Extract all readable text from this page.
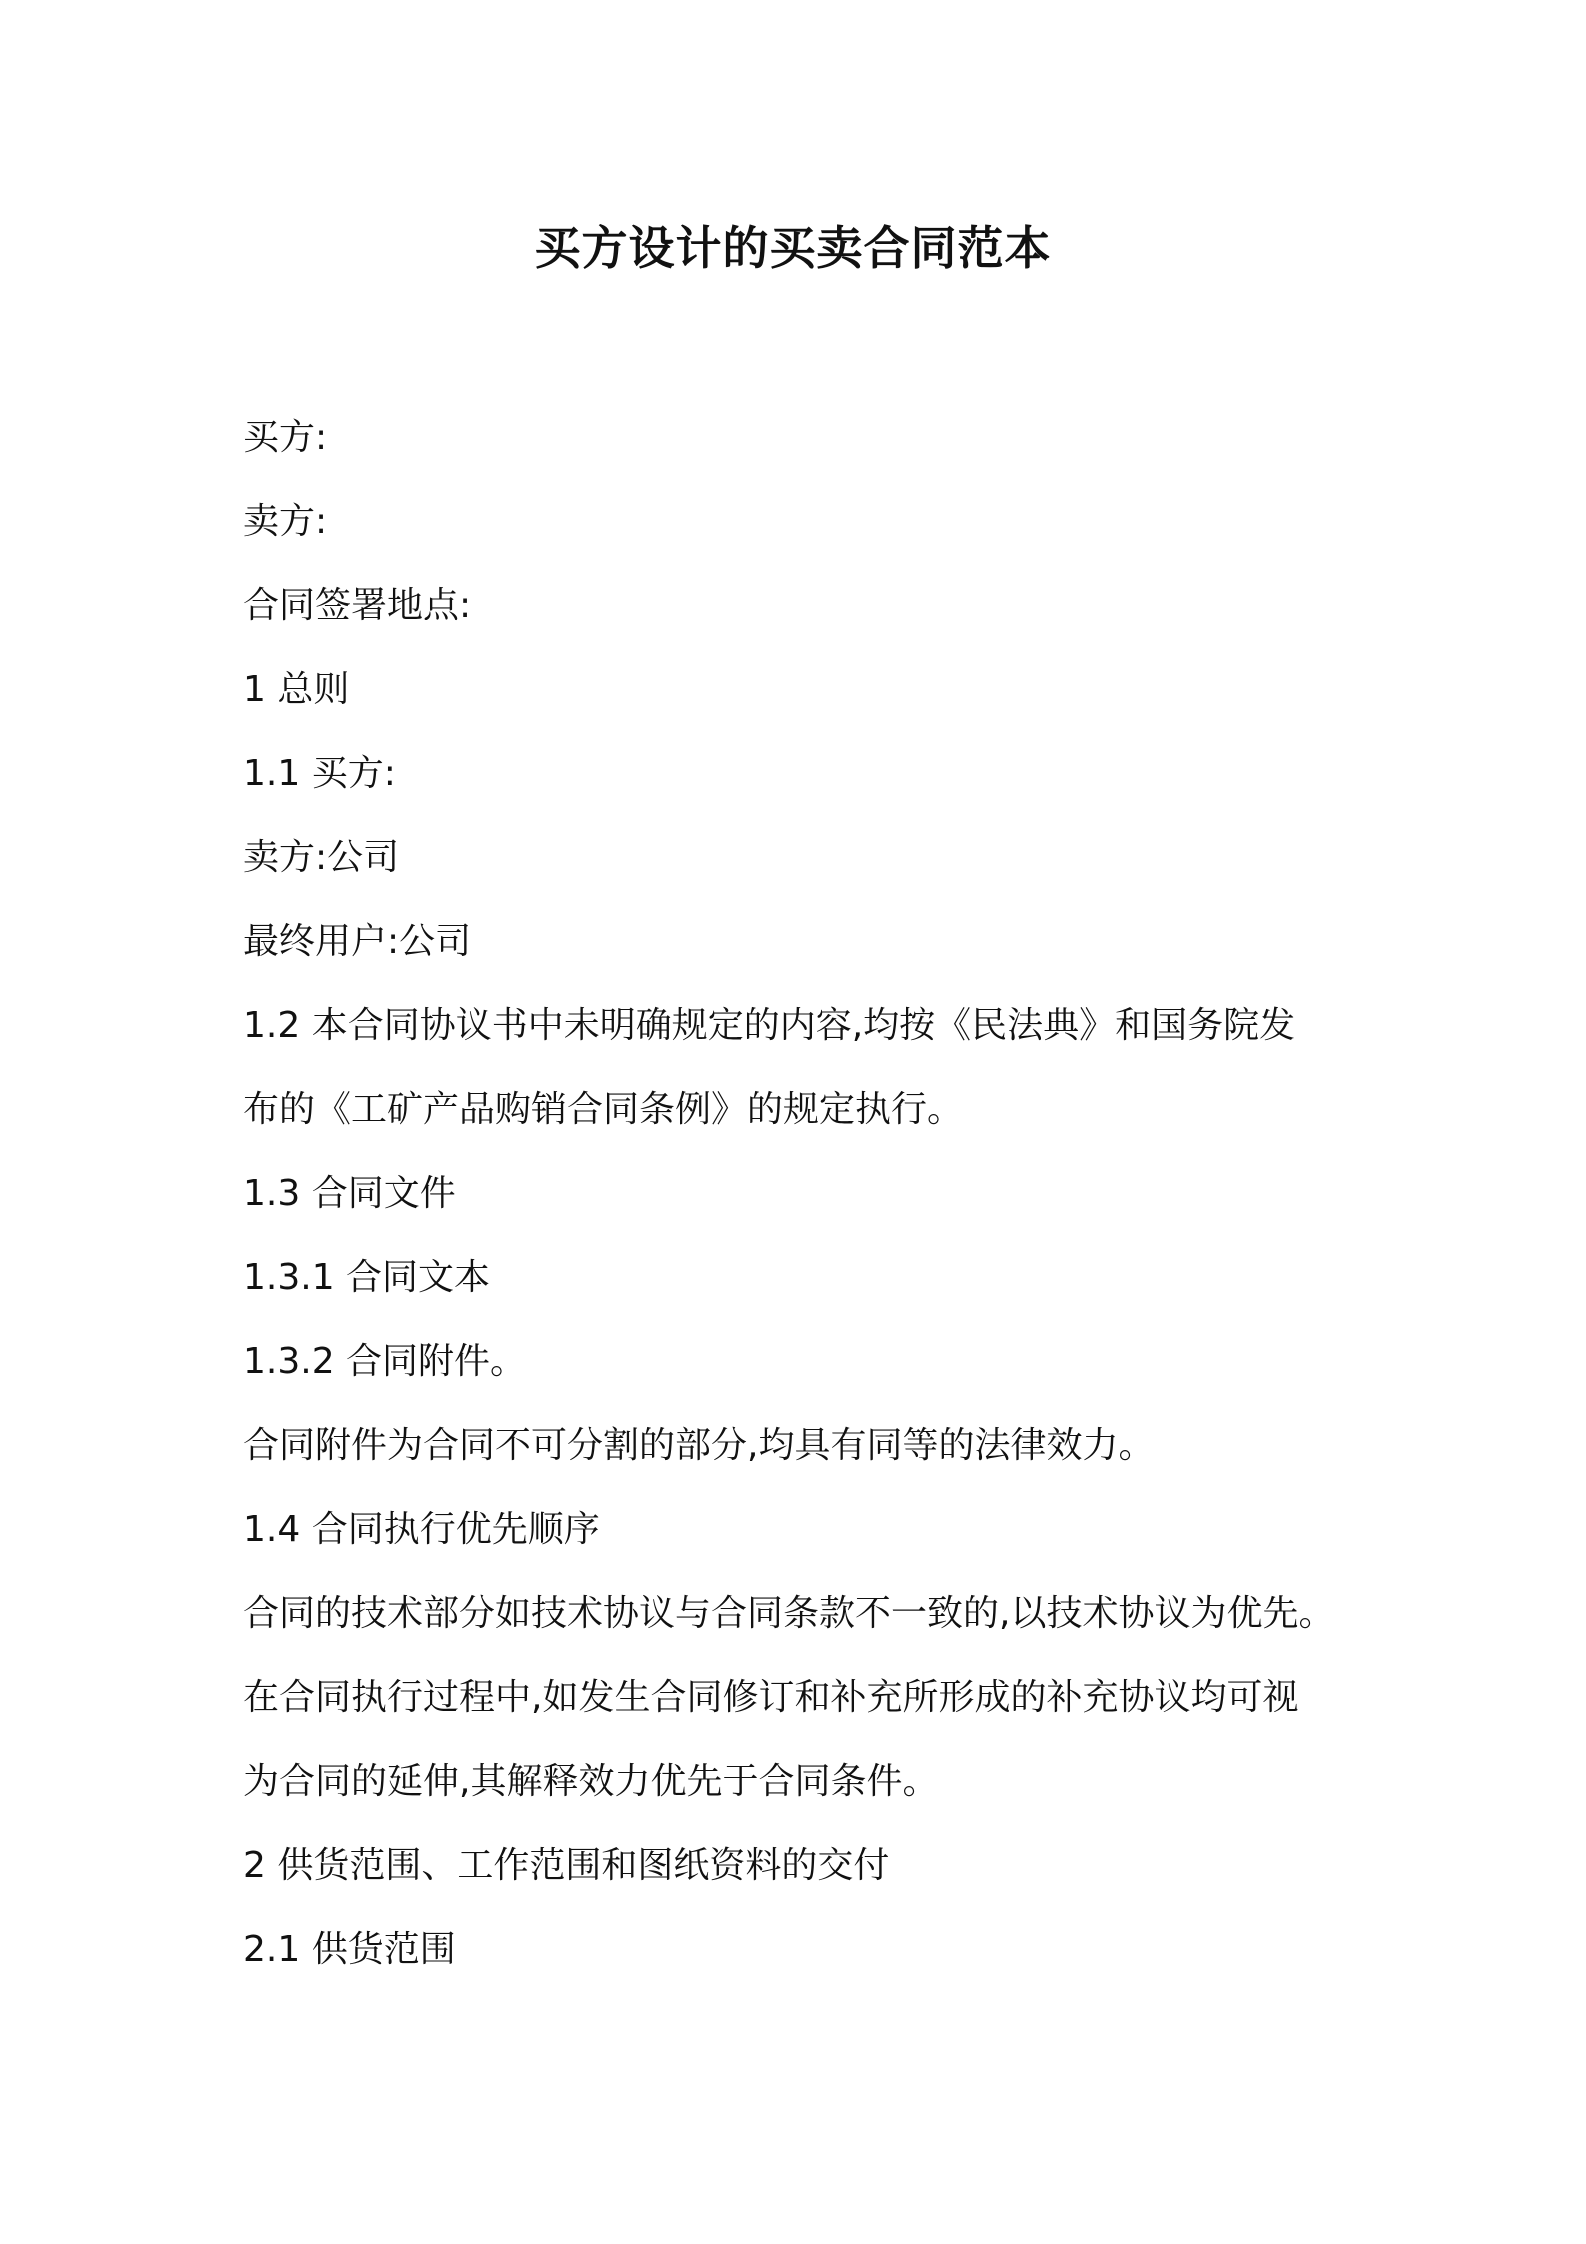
买方设计的买卖合同范本
买方:
卖方:
合同签署地点:
1 总则
1.1 买方:
卖方:公司
最终用户:公司
1.2 本合同协议书中未明确规定的内容,均按《民法典》和国务院发
布的《工矿产品购销合同条例》的规定执行。
1.3 合同文件
1.3.1 合同文本
1.3.2 合同附件。
合同附件为合同不可分割的部分,均具有同等的法律效力。
1.4 合同执行优先顺序
合同的技术部分如技术协议与合同条款不一致的,以技术协议为优先。
在合同执行过程中,如发生合同修订和补充所形成的补充协议均可视
为合同的延伸,其解释效力优先于合同条件。
2 供货范围、工作范围和图纸资料的交付
2.1 供货范围
